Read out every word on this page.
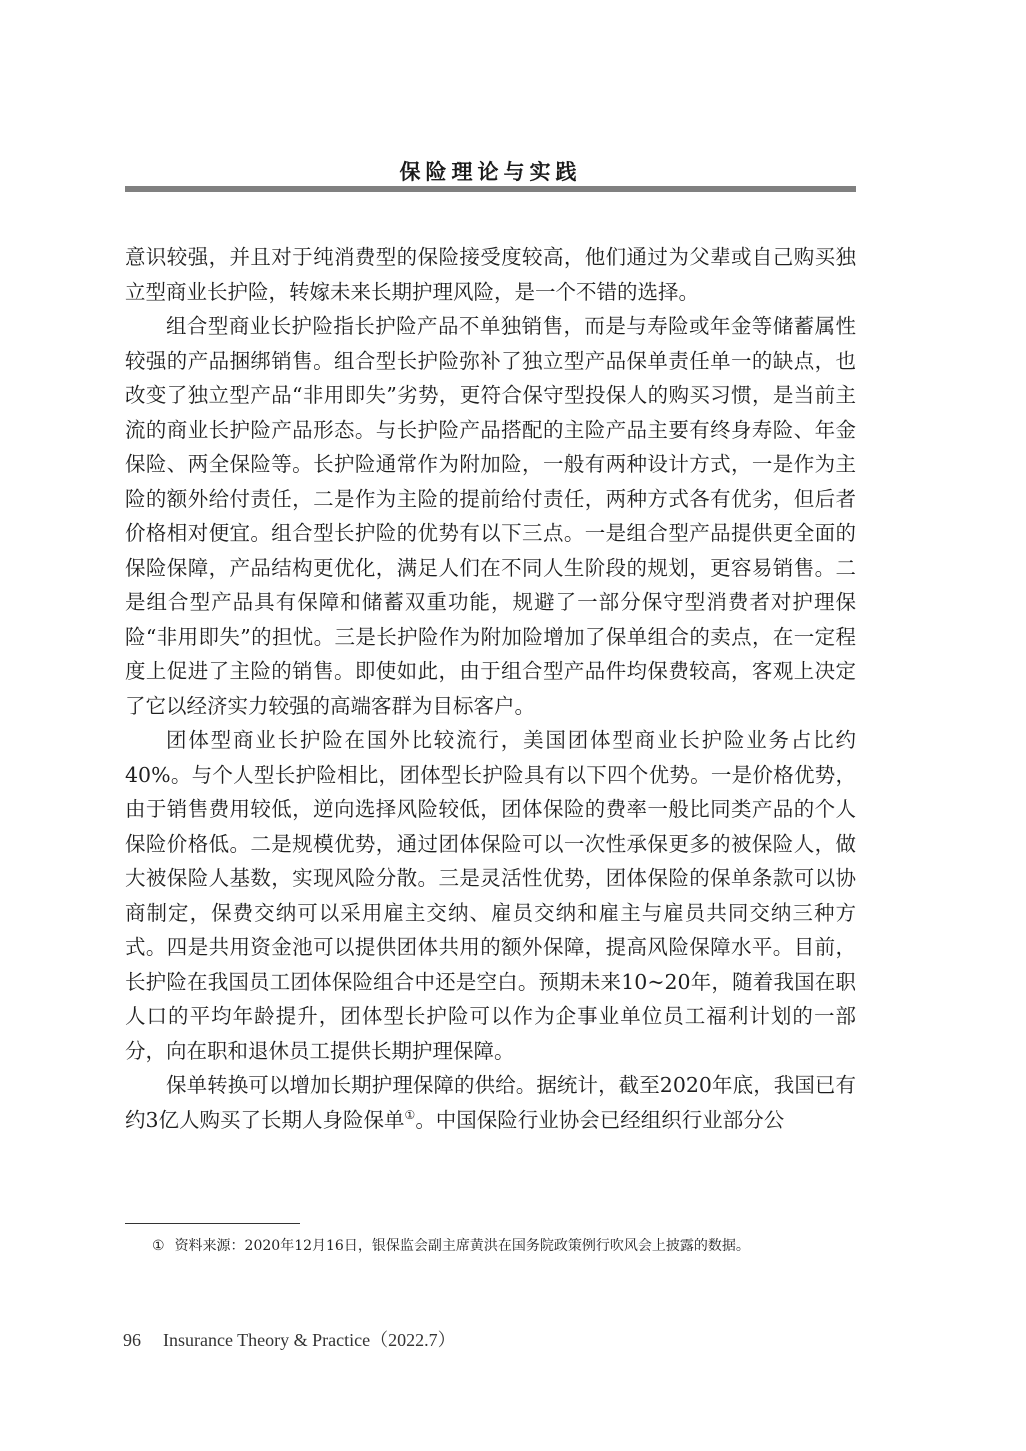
保险理论与实践

意识较强，并且对于纯消费型的保险接受度较高，他们通过为父辈或自己购买独立型商业长护险，转嫁未来长期护理风险，是一个不错的选择。

组合型商业长护险指长护险产品不单独销售，而是与寿险或年金等储蓄属性较强的产品捆绑销售。组合型长护险弥补了独立型产品保单责任单一的缺点，也改变了独立型产品“非用即失”劣势，更符合保守型投保人的购买习惯，是当前主流的商业长护险产品形态。与长护险产品搭配的主险产品主要有终身寿险、年金保险、两全保险等。长护险通常作为附加险，一般有两种设计方式，一是作为主险的额外给付责任，二是作为主险的提前给付责任，两种方式各有优劣，但后者价格相对便宜。组合型长护险的优势有以下三点。一是组合型产品提供更全面的保险保障，产品结构更优化，满足人们在不同人生阶段的规划，更容易销售。二是组合型产品具有保障和储蓄双重功能，规避了一部分保守型消费者对护理保险“非用即失”的担忧。三是长护险作为附加险增加了保单组合的卖点，在一定程度上促进了主险的销售。即使如此，由于组合型产品件均保费较高，客观上决定了它以经济实力较强的高端客群为目标客户。

团体型商业长护险在国外比较流行，美国团体型商业长护险业务占比约40%。与个人型长护险相比，团体型长护险具有以下四个优势。一是价格优势，由于销售费用较低，逆向选择风险较低，团体保险的费率一般比同类产品的个人保险价格低。二是规模优势，通过团体保险可以一次性承保更多的被保险人，做大被保险人基数，实现风险分散。三是灵活性优势，团体保险的保单条款可以协商制定，保费交纳可以采用雇主交纳、雇员交纳和雇主与雇员共同交纳三种方式。四是共用资金池可以提供团体共用的额外保障，提高风险保障水平。目前，长护险在我国员工团体保险组合中还是空白。预期未来10~20年，随着我国在职人口的平均年龄提升，团体型长护险可以作为企事业单位员工福利计划的一部分，向在职和退休员工提供长期护理保障。

保单转换可以增加长期护理保障的供给。据统计，截至2020年底，我国已有约3亿人购买了长期人身险保单①。中国保险行业协会已经组织行业部分公

① 资料来源：2020年12月16日，银保监会副主席黄洪在国务院政策例行吹风会上披露的数据。
96 Insurance Theory & Practice（2022.7）
